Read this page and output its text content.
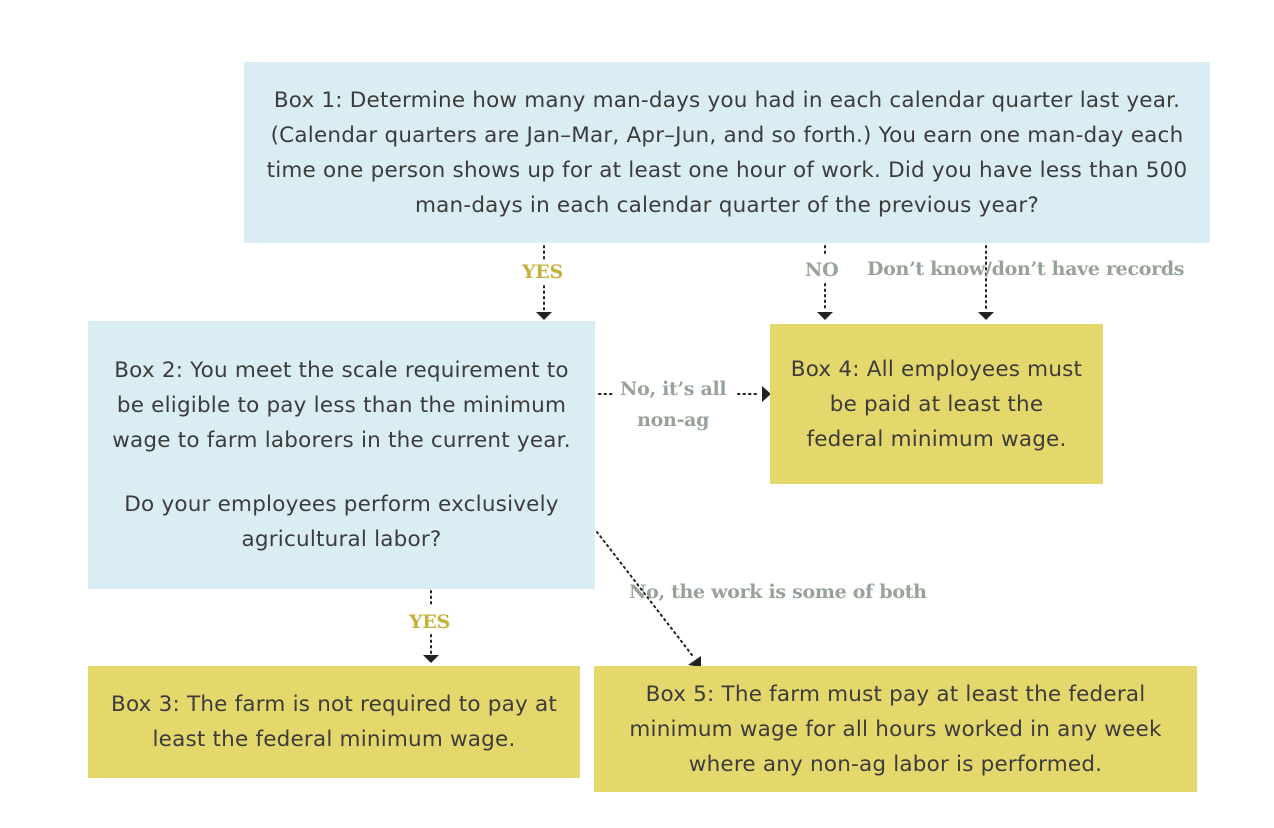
Box 1: Determine how many man-days you had in each calendar quarter last year. (Calendar quarters are Jan–Mar, Apr–Jun, and so forth.) You earn one man-day each time one person shows up for at least one hour of work. Did you have less than 500 man-days in each calendar quarter of the previous year?

Box 2: You meet the scale requirement to be eligible to pay less than the minimum wage to farm laborers in the current year.

Do your employees perform exclusively agricultural labor?

Box 4: All employees must be paid at least the federal minimum wage.

Box 3: The farm is not required to pay at least the federal minimum wage.

Box 5: The farm must pay at least the federal minimum wage for all hours worked in any week where any non-ag labor is performed.

YES	NO Don’t know/don’t have records
No, it’s all
non-ag
YES
No, the work is some of both
